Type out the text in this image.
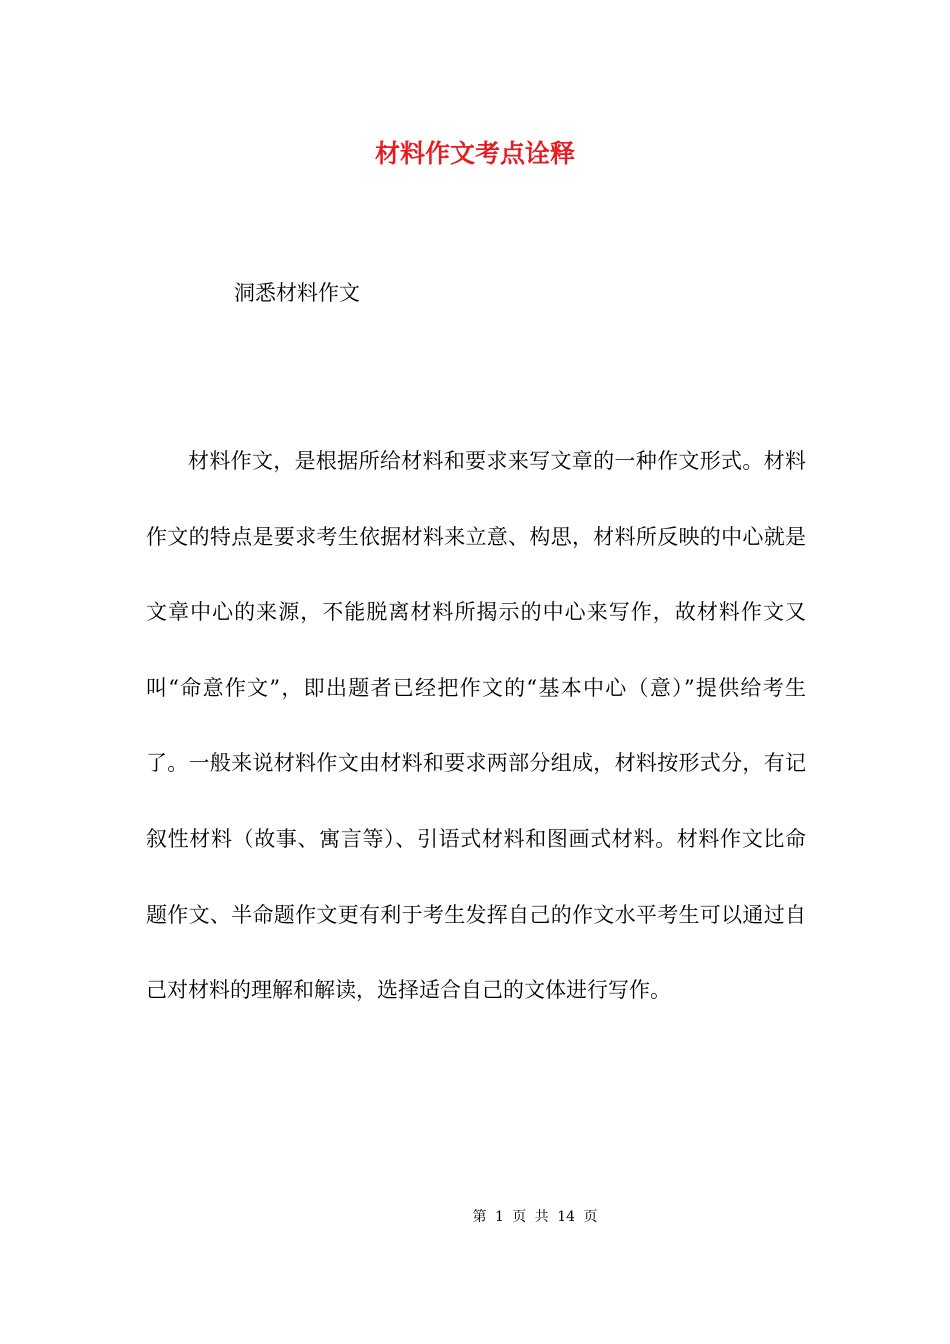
材料作文考点诠释

洞悉材料作文

材料作文，是根据所给材料和要求来写文章的一种作文形式。材料作文的特点是要求考生依据材料来立意、构思，材料所反映的中心就是文章中心的来源，不能脱离材料所揭示的中心来写作，故材料作文又叫“命意作文”，即出题者已经把作文的“基本中心（意）”提供给考生了。一般来说材料作文由材料和要求两部分组成，材料按形式分，有记叙性材料（故事、寓言等）、引语式材料和图画式材料。材料作文比命题作文、半命题作文更有利于考生发挥自己的作文水平考生可以通过自己对材料的理解和解读，选择适合自己的文体进行写作。

第 1 页 共 14 页
